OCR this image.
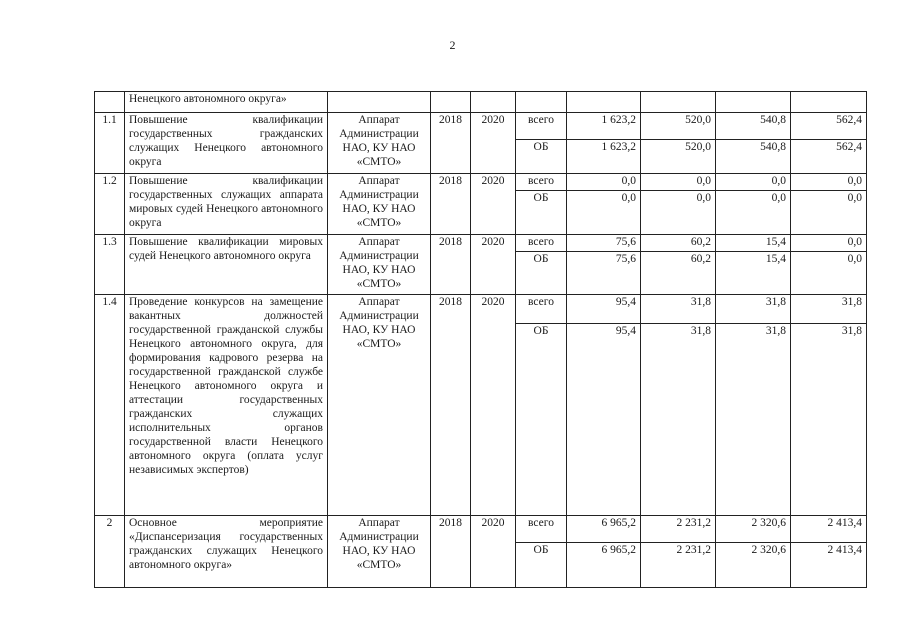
2
	Ненецкого автономного округа»								
1.1	Повышение квалификации государственных гражданских служащих Ненецкого автономного округа	Аппарат Администрации НАО, КУ НАО «СМТО»	2018	2020	всего	1 623,2	520,0	540,8	562,4
					ОБ	1 623,2	520,0	540,8	562,4
1.2	Повышение квалификации государственных служащих аппарата мировых судей Ненецкого автономного округа	Аппарат Администрации НАО, КУ НАО «СМТО»	2018	2020	всего	0,0	0,0	0,0	0,0
					ОБ	0,0	0,0	0,0	0,0
1.3	Повышение квалификации мировых судей Ненецкого автономного округа	Аппарат Администрации НАО, КУ НАО «СМТО»	2018	2020	всего	75,6	60,2	15,4	0,0
					ОБ	75,6	60,2	15,4	0,0
1.4	Проведение конкурсов на замещение вакантных должностей государственной гражданской службы Ненецкого автономного округа, для формирования кадрового резерва на государственной гражданской службе Ненецкого автономного округа и аттестации государственных гражданских служащих исполнительных органов государственной власти Ненецкого автономного округа (оплата услуг независимых экспертов)	Аппарат Администрации НАО, КУ НАО «СМТО»	2018	2020	всего	95,4	31,8	31,8	31,8
					ОБ	95,4	31,8	31,8	31,8
2	Основное мероприятие «Диспансеризация государственных гражданских служащих Ненецкого автономного округа»	Аппарат Администрации НАО, КУ НАО «СМТО»	2018	2020	всего	6 965,2	2 231,2	2 320,6	2 413,4
					ОБ	6 965,2	2 231,2	2 320,6	2 413,4
